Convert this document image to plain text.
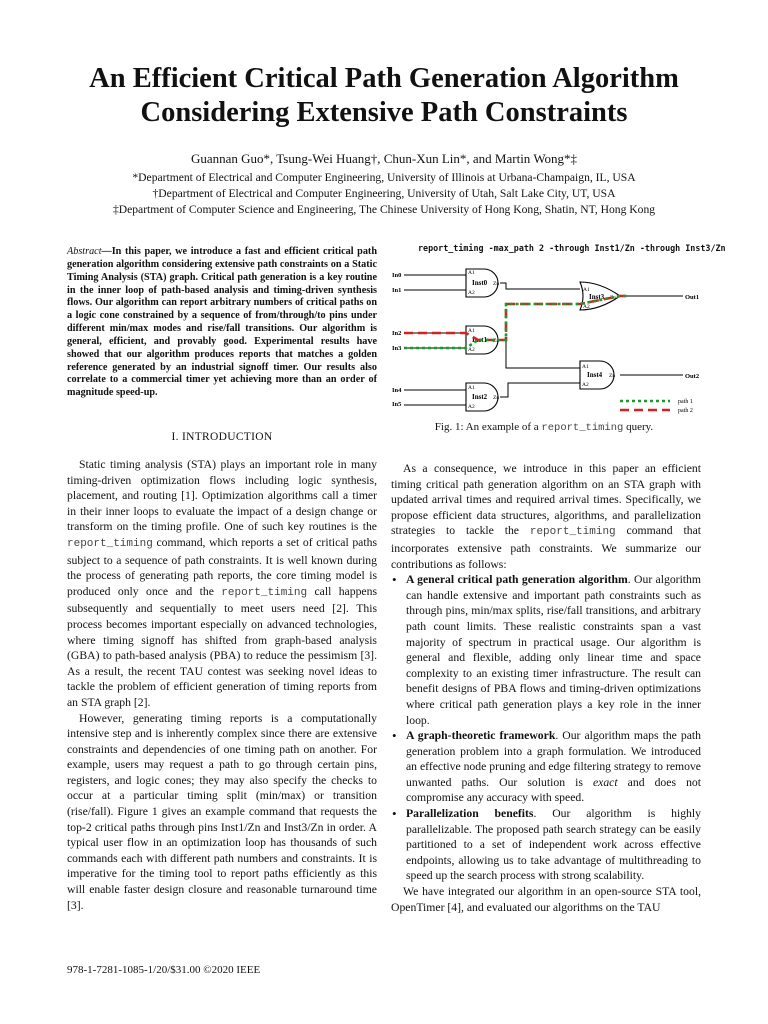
An Efficient Critical Path Generation Algorithm
Considering Extensive Path Constraints

Guannan Guo*, Tsung-Wei Huang†, Chun-Xun Lin*, and Martin Wong*‡

*Department of Electrical and Computer Engineering, University of Illinois at Urbana-Champaign, IL, USA

†Department of Electrical and Computer Engineering, University of Utah, Salt Lake City, UT, USA

‡Department of Computer Science and Engineering, The Chinese University of Hong Kong, Shatin, NT, Hong Kong

Abstract—In this paper, we introduce a fast and efficient critical path generation algorithm considering extensive path constraints on a Static Timing Analysis (STA) graph. Critical path generation is a key routine in the inner loop of path-based analysis and timing-driven synthesis flows. Our algorithm can report arbitrary numbers of critical paths on a logic cone constrained by a sequence of from/through/to pins under different min/max modes and rise/fall transitions. Our algorithm is general, efficient, and provably good. Experimental results have showed that our algorithm produces reports that matches a golden reference generated by an industrial signoff timer. Our results also correlate to a commercial timer yet achieving more than an order of magnitude speed-up.

I. INTRODUCTION

Static timing analysis (STA) plays an important role in many timing-driven optimization flows including logic synthesis, placement, and routing [1]. Optimization algorithms call a timer in their inner loops to evaluate the impact of a design change or transform on the timing profile. One of such key routines is the report_timing command, which reports a set of critical paths subject to a sequence of path constraints. It is well known during the process of generating path reports, the core timing model is produced only once and the report_timing call happens subsequently and sequentially to meet users need [2]. This process becomes important especially on advanced technologies, where timing signoff has shifted from graph-based analysis (GBA) to path-based analysis (PBA) to reduce the pessimism [3]. As a result, the recent TAU contest was seeking novel ideas to tackle the problem of efficient generation of timing reports from an STA graph [2].

However, generating timing reports is a computationally intensive step and is inherently complex since there are extensive constraints and dependencies of one timing path on another. For example, users may request a path to go through certain pins, registers, and logic cones; they may also specify the checks to occur at a particular timing split (min/max) or transition (rise/fall). Figure 1 gives an example command that requests the top-2 critical paths through pins Inst1/Zn and Inst3/Zn in order. A typical user flow in an optimization loop has thousands of such commands each with different path numbers and constraints. It is imperative for the timing tool to report paths efficiently as this will enable faster design closure and reasonable turnaround time [3].

report_timing -max_path 2 -through Inst1/Zn -through Inst3/Zn
In0
In1
In2
In3
In4
In5
A1
A2
Inst0 Zn
A1
A2
Inst1 Zn
A1
A2
Inst2 Zn
A1
A2
Inst3 Zn
A1
A2
Inst4 Zn
Out1
Out2
path 1
path 2

Fig. 1: An example of a report_timing query.

As a consequence, we introduce in this paper an efficient timing critical path generation algorithm on an STA graph with updated arrival times and required arrival times. Specifically, we propose efficient data structures, algorithms, and parallelization strategies to tackle the report_timing command that incorporates extensive path constraints. We summarize our contributions as follows:

• A general critical path generation algorithm. Our algorithm can handle extensive and important path constraints such as through pins, min/max splits, rise/fall transitions, and arbitrary path count limits. These realistic constraints span a vast majority of spectrum in practical usage. Our algorithm is general and flexible, adding only linear time and space complexity to an existing timer infrastructure. The result can benefit designs of PBA flows and timing-driven optimizations where critical path generation plays a key role in the inner loop.
• A graph-theoretic framework. Our algorithm maps the path generation problem into a graph formulation. We introduced an effective node pruning and edge filtering strategy to remove unwanted paths. Our solution is exact and does not compromise any accuracy with speed.
• Parallelization benefits. Our algorithm is highly parallelizable. The proposed path search strategy can be easily partitioned to a set of independent work across effective endpoints, allowing us to take advantage of multithreading to speed up the search process with strong scalability.

We have integrated our algorithm in an open-source STA tool, OpenTimer [4], and evaluated our algorithms on the TAU

978-1-7281-1085-1/20/$31.00 ©2020 IEEE
